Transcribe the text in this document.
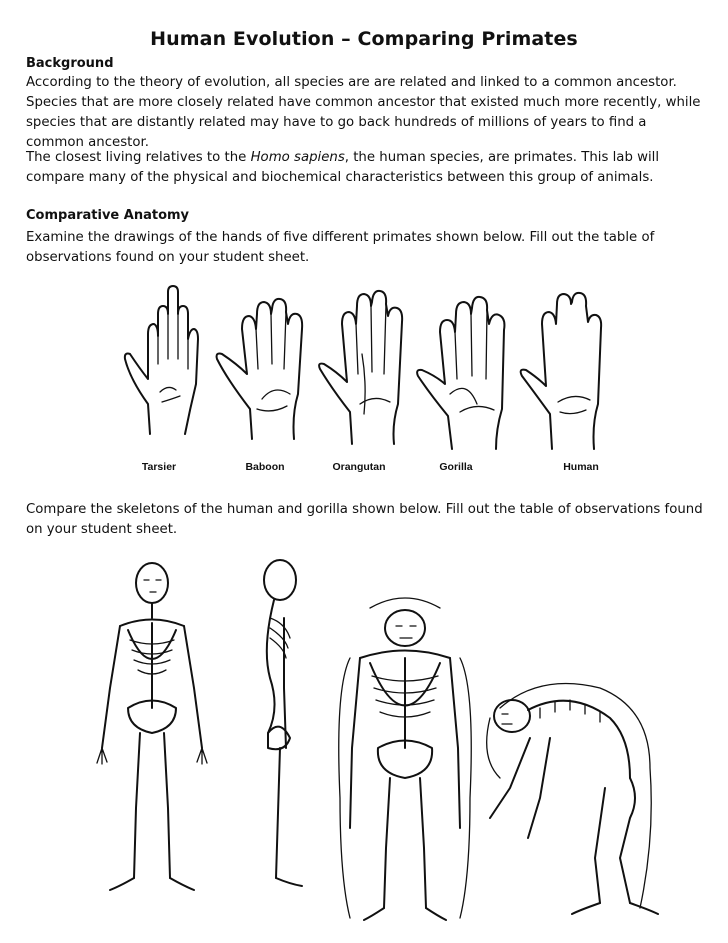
Human Evolution – Comparing Primates
Background

According to the theory of evolution, all species are are related and linked to a common ancestor. Species that are more closely related have common ancestor that existed much more recently, while species that are distantly related may have to go back hundreds of millions of years to find a common ancestor.

The closest living relatives to the Homo sapiens, the human species, are primates. This lab will compare many of the physical and biochemical characteristics between this group of animals.

Comparative Anatomy

Examine the drawings of the hands of five different primates shown below. Fill out the table of observations found on your student sheet.

Tarsier	Baboon	Orangutan	Gorilla	Human

Compare the skeletons of the human and gorilla shown below. Fill out the table of observations found on your student sheet.
